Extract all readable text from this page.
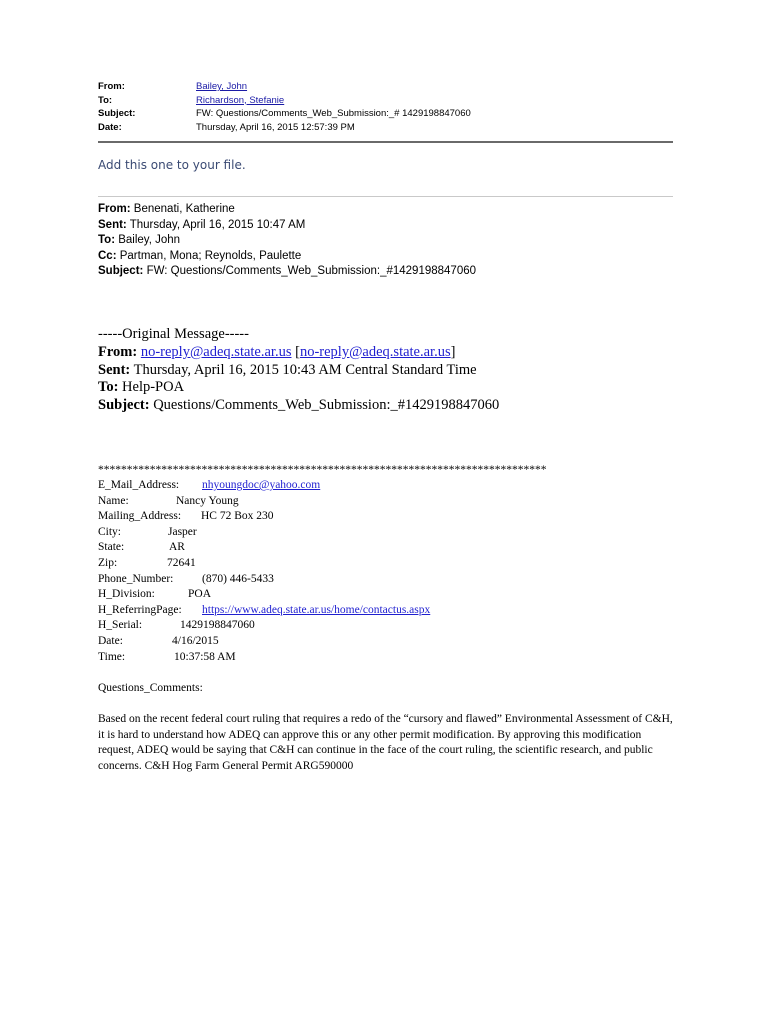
From:	Bailey, John
To:	Richardson, Stefanie
Subject:	FW: Questions/Comments_Web_Submission:_# 1429198847060
Date:	Thursday, April 16, 2015 12:57:39 PM
Add this one to your file.
From: Benenati, Katherine
Sent: Thursday, April 16, 2015 10:47 AM
To: Bailey, John
Cc: Partman, Mona; Reynolds, Paulette
Subject: FW: Questions/Comments_Web_Submission:_#1429198847060
-----Original Message-----
From: no-reply@adeq.state.ar.us [no-reply@adeq.state.ar.us]
Sent: Thursday, April 16, 2015 10:43 AM Central Standard Time
To: Help-POA
Subject: Questions/Comments_Web_Submission:_#1429198847060
******************************************************************************
E_Mail_Address: nhyoungdoc@yahoo.com
Name:	Nancy Young
Mailing_Address: HC 72 Box 230
City:	Jasper
State:	AR
Zip:	72641
Phone_Number: (870) 446-5433
H_Division:	POA
H_ReferringPage: https://www.adeq.state.ar.us/home/contactus.aspx
H_Serial:	1429198847060
Date:	4/16/2015
Time:	10:37:58 AM
Questions_Comments:
Based on the recent federal court ruling that requires a redo of the “cursory and flawed” Environmental Assessment of C&H, it is hard to understand how ADEQ can approve this or any other permit modification. By approving this modification request, ADEQ would be saying that C&H can continue in the face of the court ruling, the scientific research, and public concerns. C&H Hog Farm General Permit ARG590000
